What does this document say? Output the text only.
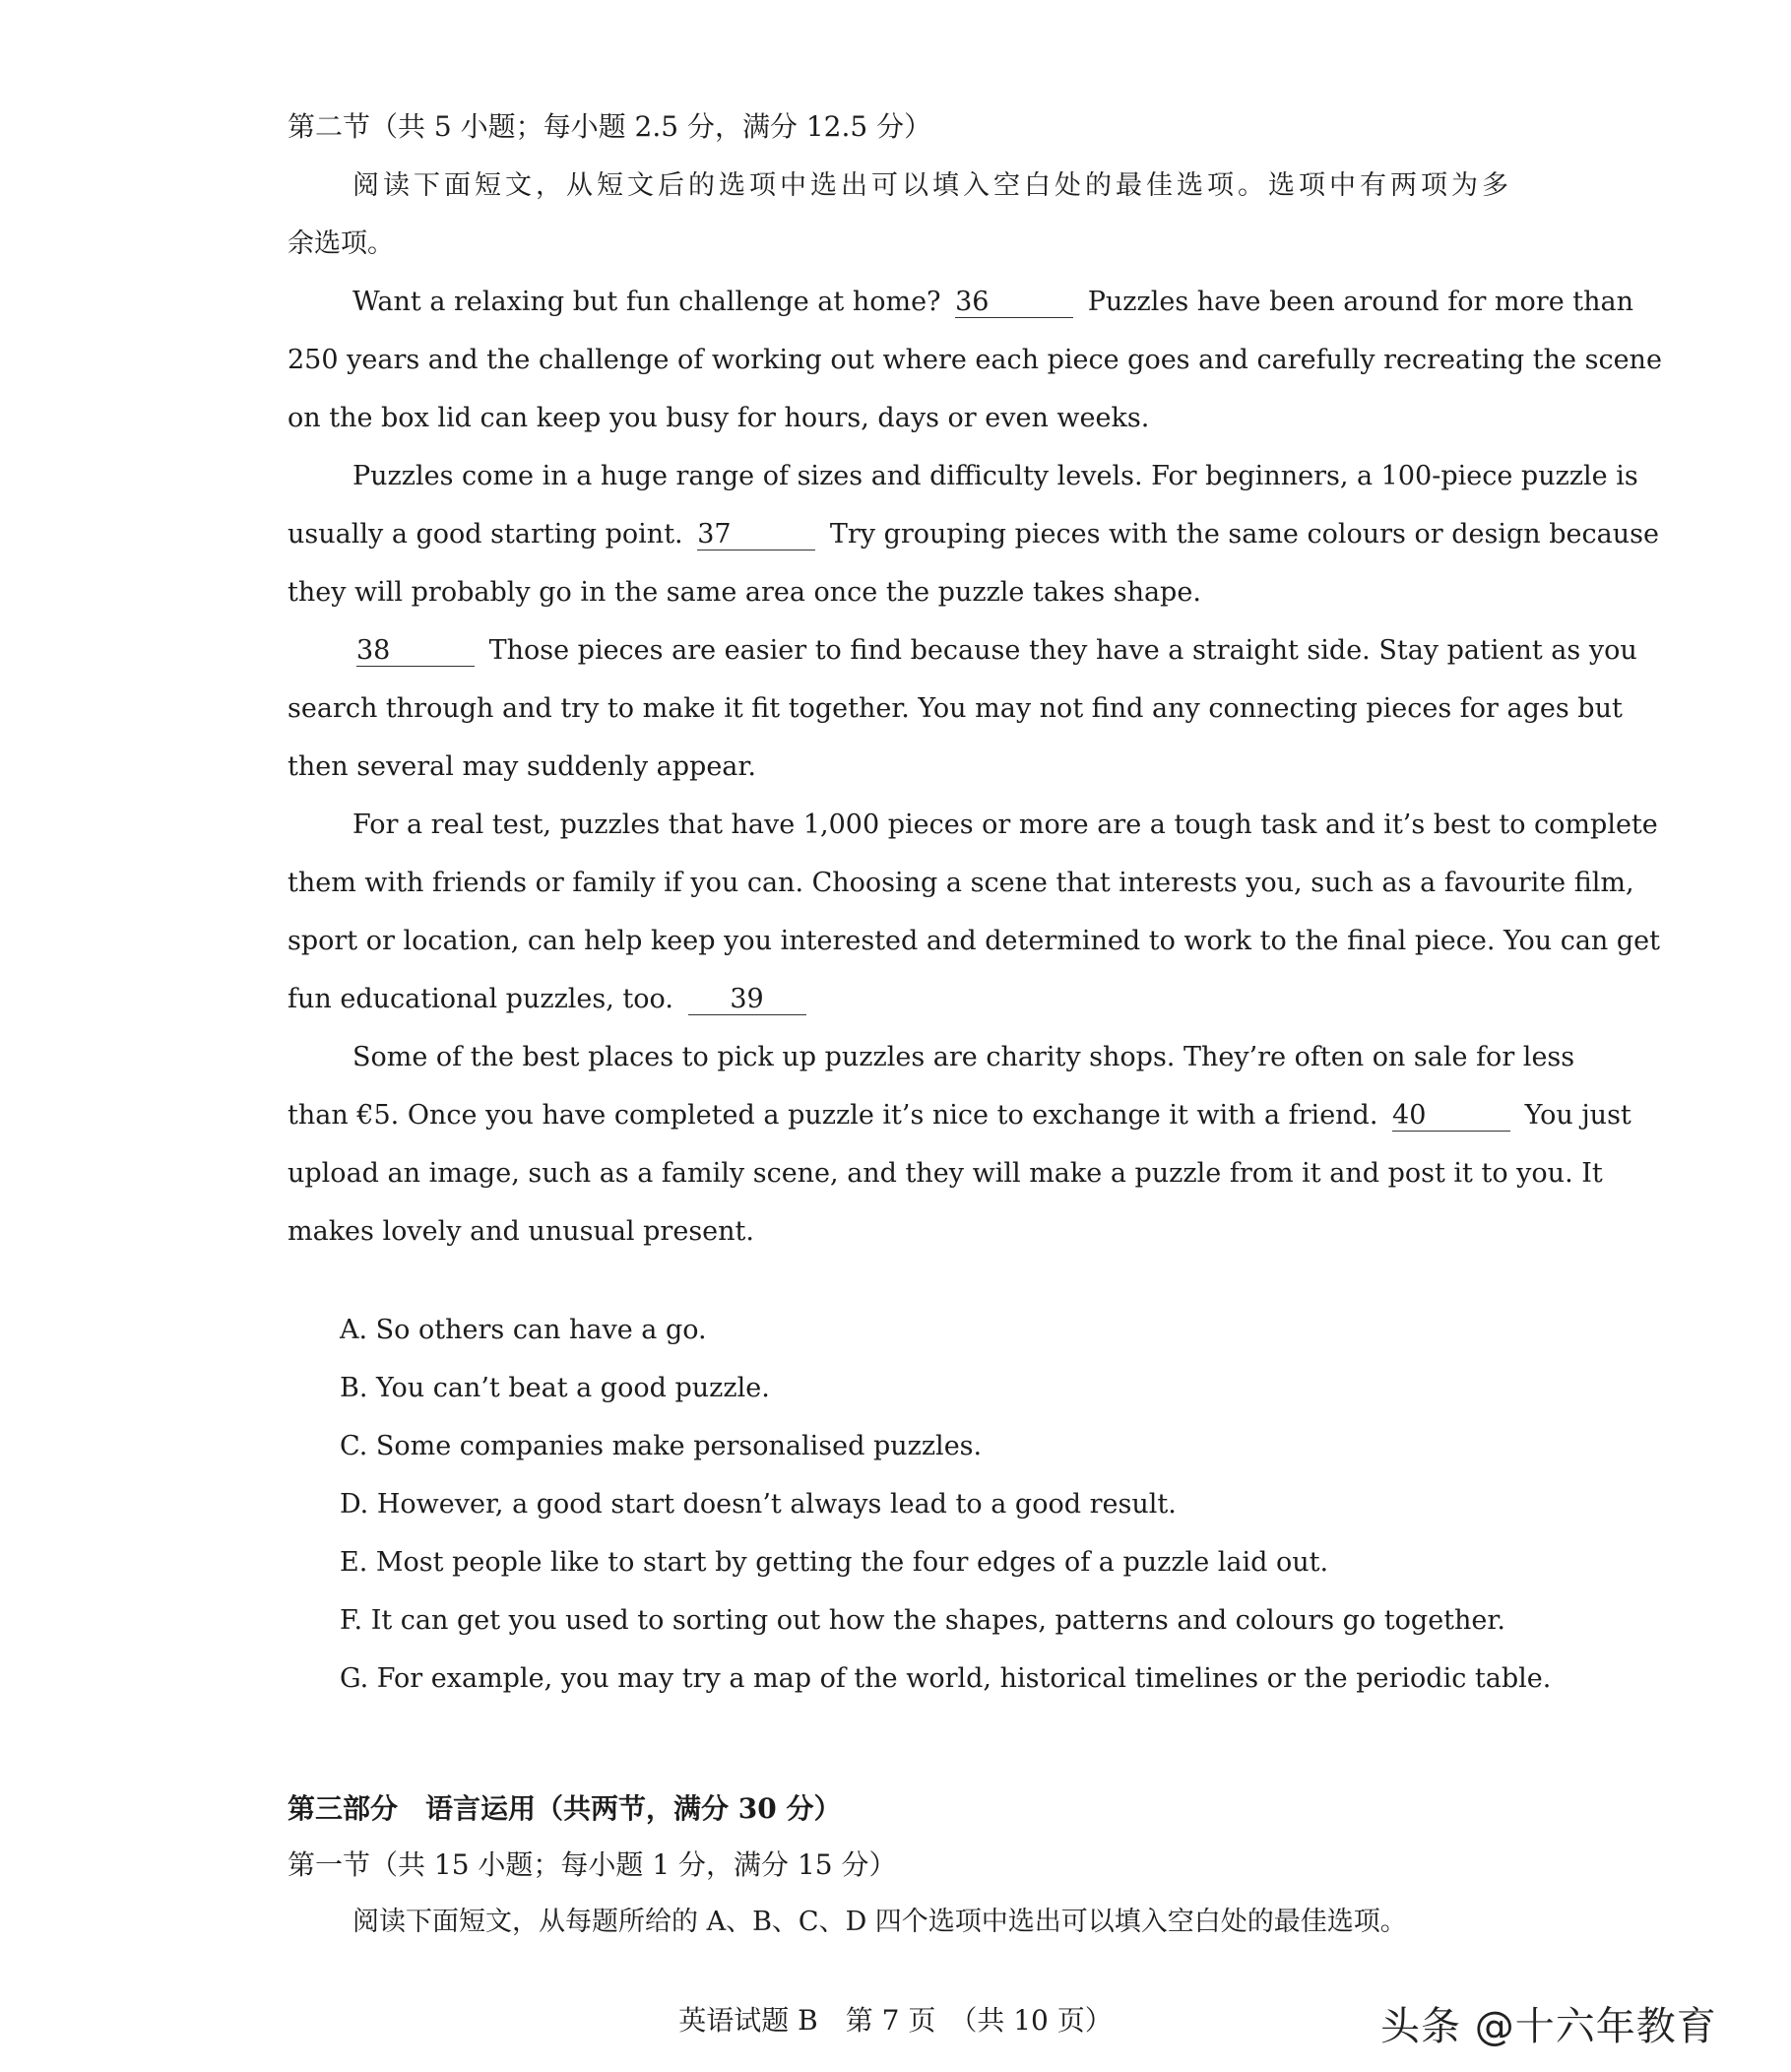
第二节（共 5 小题；每小题 2.5 分，满分 12.5 分）
阅读下面短文，从短文后的选项中选出可以填入空白处的最佳选项。选项中有两项为多
余选项。
Want a relaxing but fun challenge at home? 36	Puzzles have been around for more than
250 years and the challenge of working out where each piece goes and carefully recreating the scene
on the box lid can keep you busy for hours, days or even weeks.
Puzzles come in a huge range of sizes and difficulty levels. For beginners, a 100-piece puzzle is
usually a good starting point. 37	Try grouping pieces with the same colours or design because
they will probably go in the same area once the puzzle takes shape.
38	Those pieces are easier to find because they have a straight side. Stay patient as you
search through and try to make it fit together. You may not find any connecting pieces for ages but
then several may suddenly appear.
For a real test, puzzles that have 1,000 pieces or more are a tough task and it’s best to complete
them with friends or family if you can. Choosing a scene that interests you, such as a favourite film,
sport or location, can help keep you interested and determined to work to the final piece. You can get
fun educational puzzles, too. 39
Some of the best places to pick up puzzles are charity shops. They’re often on sale for less
than €5. Once you have completed a puzzle it’s nice to exchange it with a friend. 40	You just
upload an image, such as a family scene, and they will make a puzzle from it and post it to you. It
makes lovely and unusual present.
A. So others can have a go.
B. You can’t beat a good puzzle.
C. Some companies make personalised puzzles.
D. However, a good start doesn’t always lead to a good result.
E. Most people like to start by getting the four edges of a puzzle laid out.
F. It can get you used to sorting out how the shapes, patterns and colours go together.
G. For example, you may try a map of the world, historical timelines or the periodic table.
第三部分　语言运用（共两节，满分 30 分）
第一节（共 15 小题；每小题 1 分，满分 15 分）
阅读下面短文，从每题所给的 A、B、C、D 四个选项中选出可以填入空白处的最佳选项。
英语试题 B　第 7 页　（共 10 页）	头条 @十六年教育
